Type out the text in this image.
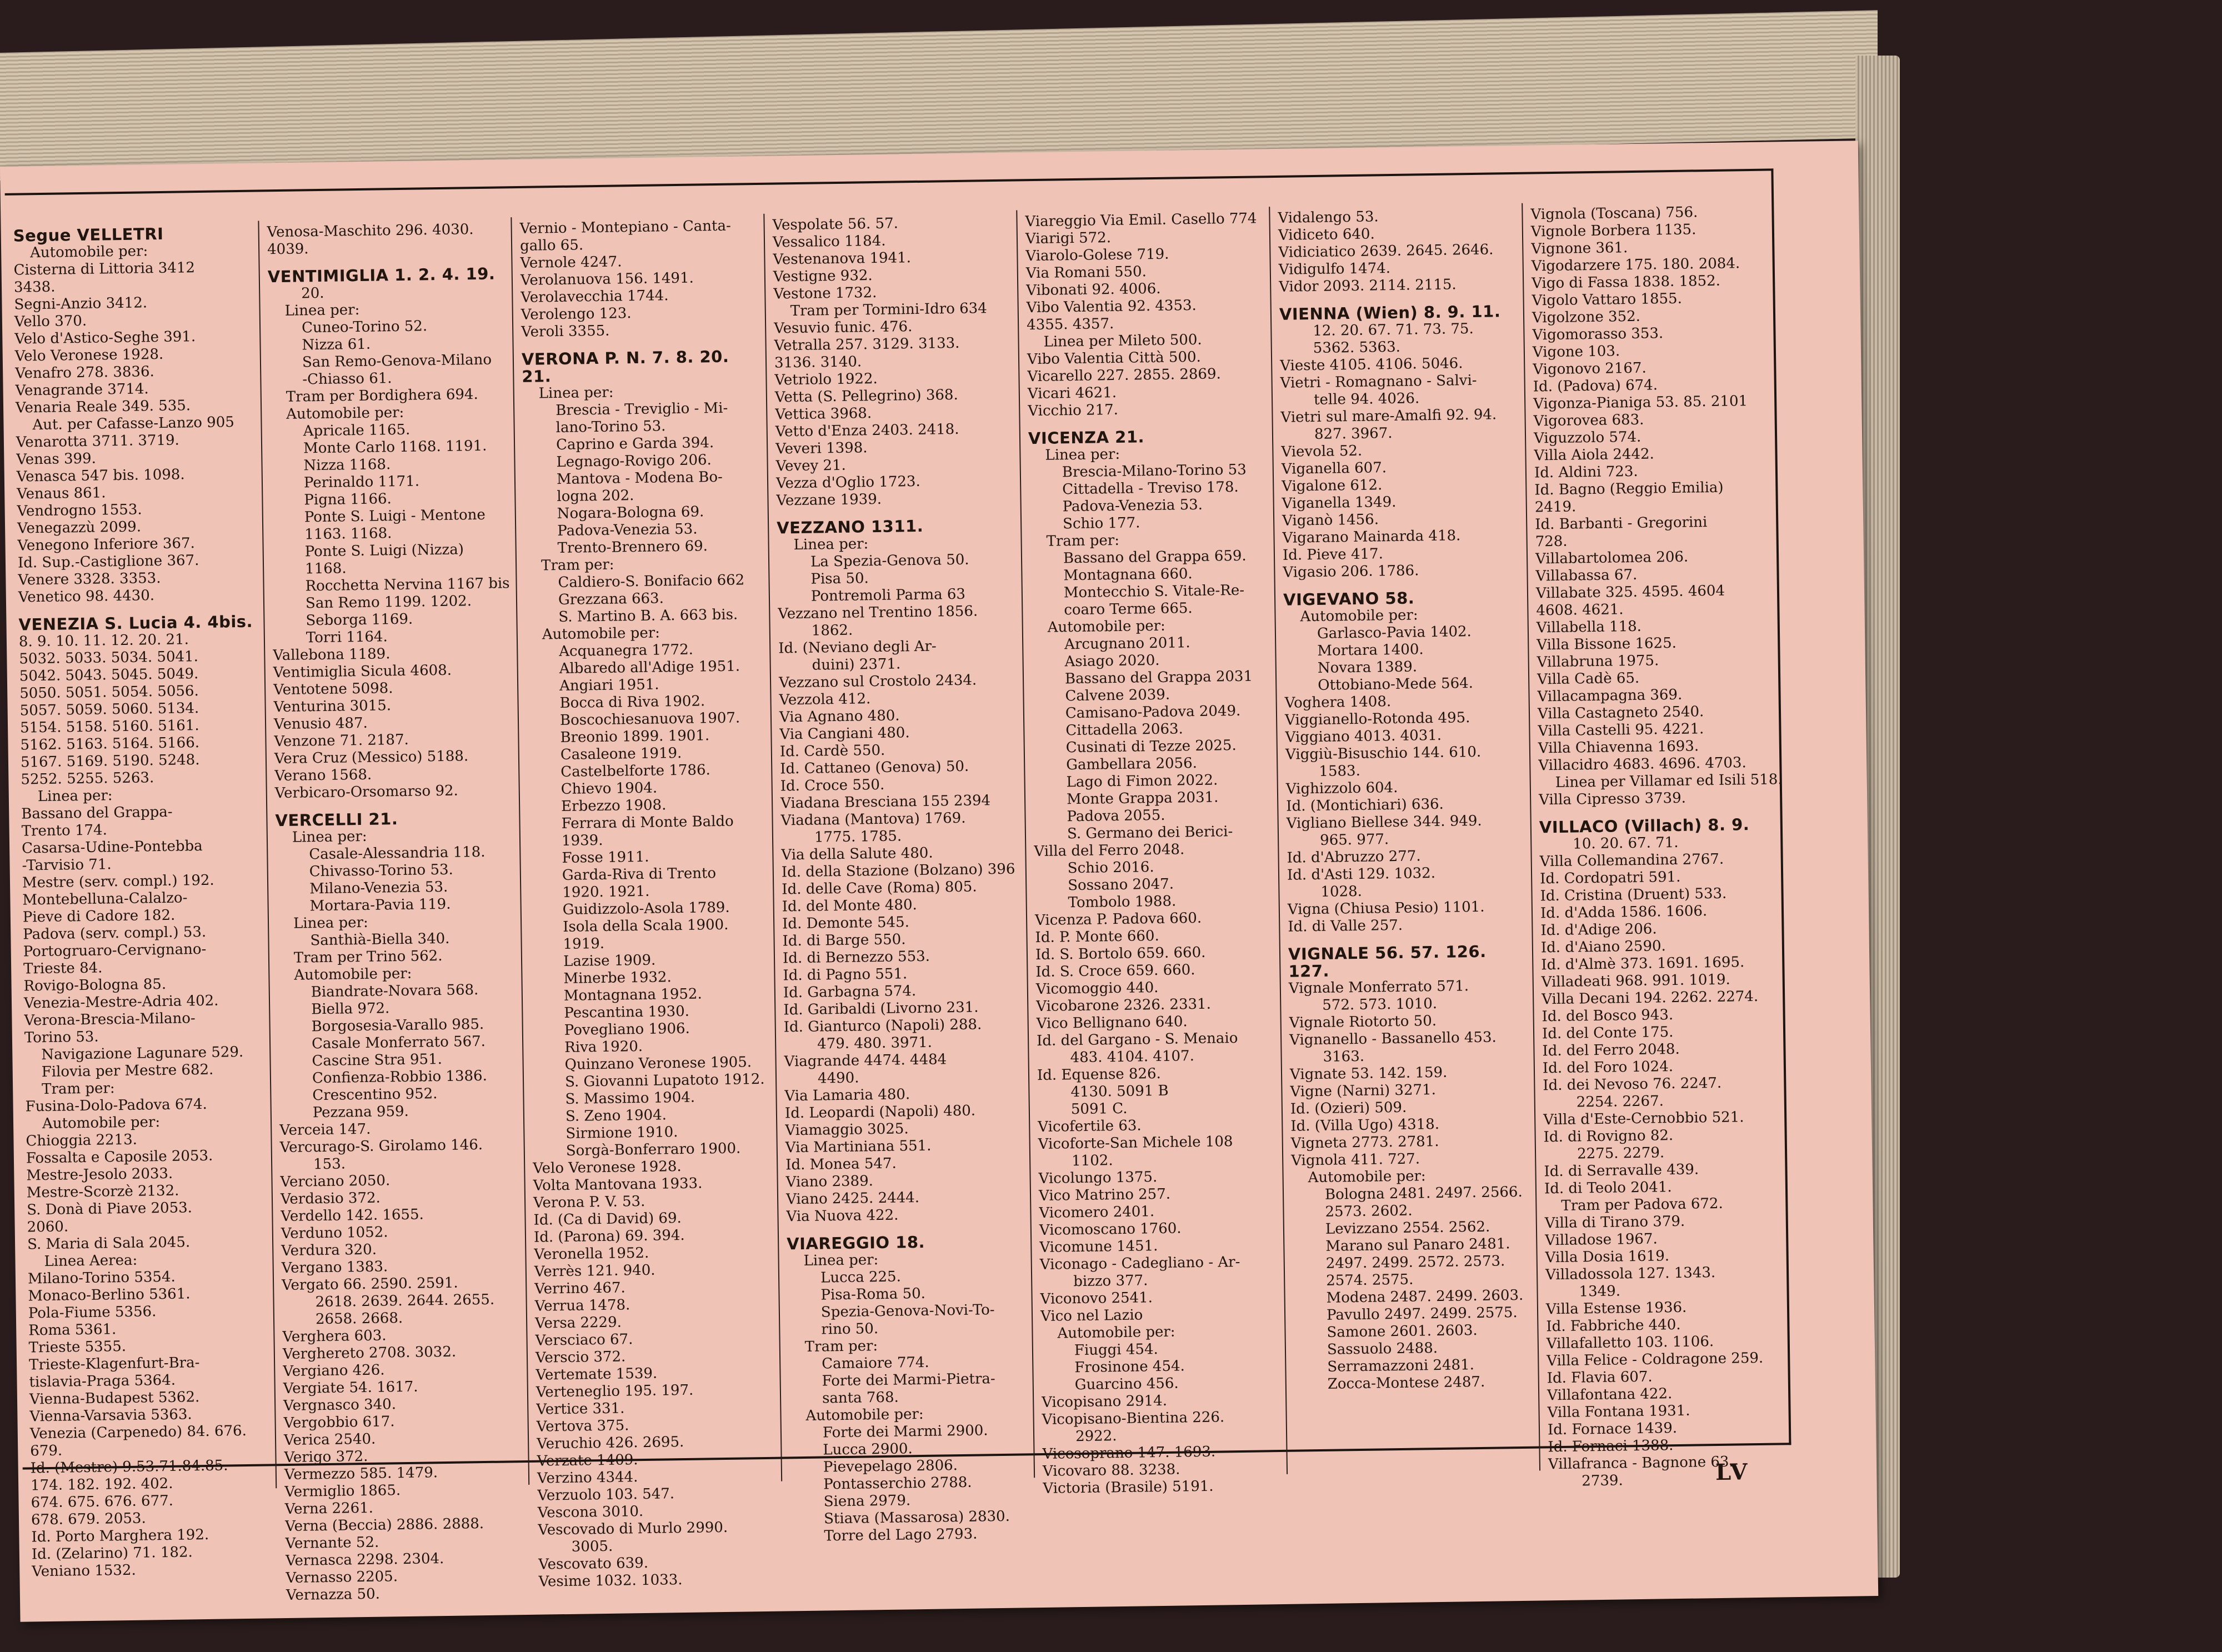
Segue VELLETRI
Automobile per:
Cisterna di Littoria 3412
3438.
Segni-Anzio 3412.
Vello 370.
Velo d'Astico-Seghe 391.
Velo Veronese 1928.
Venafro 278. 3836.
Venagrande 3714.
Venaria Reale 349. 535.
Aut. per Cafasse-Lanzo 905
Venarotta 3711. 3719.
Venas 399.
Venasca 547 bis. 1098.
Venaus 861.
Vendrogno 1553.
Venegazzù 2099.
Venegono Inferiore 367.
Id. Sup.-Castiglione 367.
Venere 3328. 3353.
Venetico 98. 4430.
VENEZIA S. Lucia 4. 4bis.
8. 9. 10. 11. 12. 20. 21.
5032. 5033. 5034. 5041.
5042. 5043. 5045. 5049.
5050. 5051. 5054. 5056.
5057. 5059. 5060. 5134.
5154. 5158. 5160. 5161.
5162. 5163. 5164. 5166.
5167. 5169. 5190. 5248.
5252. 5255. 5263.
Linea per:
Bassano del Grappa-
Trento 174.
Casarsa-Udine-Pontebba
-Tarvisio 71.
Mestre (serv. compl.) 192.
Montebelluna-Calalzo-
Pieve di Cadore 182.
Padova (serv. compl.) 53.
Portogruaro-Cervignano-
Trieste 84.
Rovigo-Bologna 85.
Venezia-Mestre-Adria 402.
Verona-Brescia-Milano-
Torino 53.
Navigazione Lagunare 529.
Filovia per Mestre 682.
Tram per:
Fusina-Dolo-Padova 674.
Automobile per:
Chioggia 2213.
Fossalta e Caposile 2053.
Mestre-Jesolo 2033.
Mestre-Scorzè 2132.
S. Donà di Piave 2053.
2060.
S. Maria di Sala 2045.
Linea Aerea:
Milano-Torino 5354.
Monaco-Berlino 5361.
Pola-Fiume 5356.
Roma 5361.
Trieste 5355.
Trieste-Klagenfurt-Bra-
tislavia-Praga 5364.
Vienna-Budapest 5362.
Vienna-Varsavia 5363.
Venezia (Carpenedo) 84. 676.
679.
Id. (Mestre) 9.53.71.84.85.
174. 182. 192. 402.
674. 675. 676. 677.
678. 679. 2053.
Id. Porto Marghera 192.
Id. (Zelarino) 71. 182.
Veniano 1532.
Venosa-Maschito 296. 4030.
4039.
VENTIMIGLIA 1. 2. 4. 19.
20.
Linea per:
Cuneo-Torino 52.
Nizza 61.
San Remo-Genova-Milano
-Chiasso 61.
Tram per Bordighera 694.
Automobile per:
Apricale 1165.
Monte Carlo 1168. 1191.
Nizza 1168.
Perinaldo 1171.
Pigna 1166.
Ponte S. Luigi - Mentone
1163. 1168.
Ponte S. Luigi (Nizza)
1168.
Rocchetta Nervina 1167 bis
San Remo 1199. 1202.
Seborga 1169.
Torri 1164.
Vallebona 1189.
Ventimiglia Sicula 4608.
Ventotene 5098.
Venturina 3015.
Venusio 487.
Venzone 71. 2187.
Vera Cruz (Messico) 5188.
Verano 1568.
Verbicaro-Orsomarso 92.
VERCELLI 21.
Linea per:
Casale-Alessandria 118.
Chivasso-Torino 53.
Milano-Venezia 53.
Mortara-Pavia 119.
Linea per:
Santhià-Biella 340.
Tram per Trino 562.
Automobile per:
Biandrate-Novara 568.
Biella 972.
Borgosesia-Varallo 985.
Casale Monferrato 567.
Cascine Stra 951.
Confienza-Robbio 1386.
Crescentino 952.
Pezzana 959.
Verceia 147.
Vercurago-S. Girolamo 146.
153.
Verciano 2050.
Verdasio 372.
Verdello 142. 1655.
Verduno 1052.
Verdura 320.
Vergano 1383.
Vergato 66. 2590. 2591.
2618. 2639. 2644. 2655.
2658. 2668.
Verghera 603.
Verghereto 2708. 3032.
Vergiano 426.
Vergiate 54. 1617.
Vergnasco 340.
Vergobbio 617.
Verica 2540.
Verigo 372.
Vermezzo 585. 1479.
Vermiglio 1865.
Verna 2261.
Verna (Beccia) 2886. 2888.
Vernante 52.
Vernasca 2298. 2304.
Vernasso 2205.
Vernazza 50.
Vernio - Montepiano - Canta-
gallo 65.
Vernole 4247.
Verolanuova 156. 1491.
Verolavecchia 1744.
Verolengo 123.
Veroli 3355.
VERONA P. N. 7. 8. 20. 21.
Linea per:
Brescia - Treviglio - Mi-
lano-Torino 53.
Caprino e Garda 394.
Legnago-Rovigo 206.
Mantova - Modena Bo-
logna 202.
Nogara-Bologna 69.
Padova-Venezia 53.
Trento-Brennero 69.
Tram per:
Caldiero-S. Bonifacio 662
Grezzana 663.
S. Martino B. A. 663 bis.
Automobile per:
Acquanegra 1772.
Albaredo all'Adige 1951.
Angiari 1951.
Bocca di Riva 1902.
Boscochiesanuova 1907.
Breonio 1899. 1901.
Casaleone 1919.
Castelbelforte 1786.
Chievo 1904.
Erbezzo 1908.
Ferrara di Monte Baldo
1939.
Fosse 1911.
Garda-Riva di Trento
1920. 1921.
Guidizzolo-Asola 1789.
Isola della Scala 1900.
1919.
Lazise 1909.
Minerbe 1932.
Montagnana 1952.
Pescantina 1930.
Povegliano 1906.
Riva 1920.
Quinzano Veronese 1905.
S. Giovanni Lupatoto 1912.
S. Massimo 1904.
S. Zeno 1904.
Sirmione 1910.
Sorgà-Bonferraro 1900.
Velo Veronese 1928.
Volta Mantovana 1933.
Verona P. V. 53.
Id. (Ca di David) 69.
Id. (Parona) 69. 394.
Veronella 1952.
Verrès 121. 940.
Verrino 467.
Verrua 1478.
Versa 2229.
Versciaco 67.
Verscio 372.
Vertemate 1539.
Verteneglio 195. 197.
Vertice 331.
Vertova 375.
Veruchio 426. 2695.
Verzate 1409.
Verzino 4344.
Verzuolo 103. 547.
Vescona 3010.
Vescovado di Murlo 2990.
3005.
Vescovato 639.
Vesime 1032. 1033.
Vespolate 56. 57.
Vessalico 1184.
Vestenanova 1941.
Vestigne 932.
Vestone 1732.
Tram per Tormini-Idro 634
Vesuvio funic. 476.
Vetralla 257. 3129. 3133.
3136. 3140.
Vetriolo 1922.
Vetta (S. Pellegrino) 368.
Vettica 3968.
Vetto d'Enza 2403. 2418.
Veveri 1398.
Vevey 21.
Vezza d'Oglio 1723.
Vezzane 1939.
VEZZANO 1311.
Linea per:
La Spezia-Genova 50.
Pisa 50.
Pontremoli Parma 63
Vezzano nel Trentino 1856.
1862.
Id. (Neviano degli Ar-
duini) 2371.
Vezzano sul Crostolo 2434.
Vezzola 412.
Via Agnano 480.
Via Cangiani 480.
Id. Cardè 550.
Id. Cattaneo (Genova) 50.
Id. Croce 550.
Viadana Bresciana 155 2394
Viadana (Mantova) 1769.
1775. 1785.
Via della Salute 480.
Id. della Stazione (Bolzano) 396
Id. delle Cave (Roma) 805.
Id. del Monte 480.
Id. Demonte 545.
Id. di Barge 550.
Id. di Bernezzo 553.
Id. di Pagno 551.
Id. Garbagna 574.
Id. Garibaldi (Livorno 231.
Id. Gianturco (Napoli) 288.
479. 480. 3971.
Viagrande 4474. 4484
4490.
Via Lamaria 480.
Id. Leopardi (Napoli) 480.
Viamaggio 3025.
Via Martiniana 551.
Id. Monea 547.
Viano 2389.
Viano 2425. 2444.
Via Nuova 422.
VIAREGGIO 18.
Linea per:
Lucca 225.
Pisa-Roma 50.
Spezia-Genova-Novi-To-
rino 50.
Tram per:
Camaiore 774.
Forte dei Marmi-Pietra-
santa 768.
Automobile per:
Forte dei Marmi 2900.
Lucca 2900.
Pievepelago 2806.
Pontasserchio 2788.
Siena 2979.
Stiava (Massarosa) 2830.
Torre del Lago 2793.
Viareggio Via Emil. Casello 774
Viarigi 572.
Viarolo-Golese 719.
Via Romani 550.
Vibonati 92. 4006.
Vibo Valentia 92. 4353.
4355. 4357.
Linea per Mileto 500.
Vibo Valentia Città 500.
Vicarello 227. 2855. 2869.
Vicari 4621.
Vicchio 217.
VICENZA 21.
Linea per:
Brescia-Milano-Torino 53
Cittadella - Treviso 178.
Padova-Venezia 53.
Schio 177.
Tram per:
Bassano del Grappa 659.
Montagnana 660.
Montecchio S. Vitale-Re-
coaro Terme 665.
Automobile per:
Arcugnano 2011.
Asiago 2020.
Bassano del Grappa 2031
Calvene 2039.
Camisano-Padova 2049.
Cittadella 2063.
Cusinati di Tezze 2025.
Gambellara 2056.
Lago di Fimon 2022.
Monte Grappa 2031.
Padova 2055.
S. Germano dei Berici-
Villa del Ferro 2048.
Schio 2016.
Sossano 2047.
Tombolo 1988.
Vicenza P. Padova 660.
Id. P. Monte 660.
Id. S. Bortolo 659. 660.
Id. S. Croce 659. 660.
Vicomoggio 440.
Vicobarone 2326. 2331.
Vico Bellignano 640.
Id. del Gargano - S. Menaio
483. 4104. 4107.
Id. Equense 826.
4130. 5091 B
5091 C.
Vicofertile 63.
Vicoforte-San Michele 108
1102.
Vicolungo 1375.
Vico Matrino 257.
Vicomero 2401.
Vicomoscano 1760.
Vicomune 1451.
Viconago - Cadegliano - Ar-
bizzo 377.
Viconovo 2541.
Vico nel Lazio
Automobile per:
Fiuggi 454.
Frosinone 454.
Guarcino 456.
Vicopisano 2914.
Vicopisano-Bientina 226.
2922.
Vicosoprano 147. 1693.
Vicovaro 88. 3238.
Victoria (Brasile) 5191.
Vidalengo 53.
Vidiceto 640.
Vidiciatico 2639. 2645. 2646.
Vidigulfo 1474.
Vidor 2093. 2114. 2115.
VIENNA (Wien) 8. 9. 11.
12. 20. 67. 71. 73. 75.
5362. 5363.
Vieste 4105. 4106. 5046.
Vietri - Romagnano - Salvi-
telle 94. 4026.
Vietri sul mare-Amalfi 92. 94.
827. 3967.
Vievola 52.
Viganella 607.
Vigalone 612.
Viganella 1349.
Viganò 1456.
Vigarano Mainarda 418.
Id. Pieve 417.
Vigasio 206. 1786.
VIGEVANO 58.
Automobile per:
Garlasco-Pavia 1402.
Mortara 1400.
Novara 1389.
Ottobiano-Mede 564.
Voghera 1408.
Viggianello-Rotonda 495.
Viggiano 4013. 4031.
Viggiù-Bisuschio 144. 610.
1583.
Vighizzolo 604.
Id. (Montichiari) 636.
Vigliano Biellese 344. 949.
965. 977.
Id. d'Abruzzo 277.
Id. d'Asti 129. 1032.
1028.
Vigna (Chiusa Pesio) 1101.
Id. di Valle 257.
VIGNALE 56. 57. 126. 127.
Vignale Monferrato 571.
572. 573. 1010.
Vignale Riotorto 50.
Vignanello - Bassanello 453.
3163.
Vignate 53. 142. 159.
Vigne (Narni) 3271.
Id. (Ozieri) 509.
Id. (Villa Ugo) 4318.
Vigneta 2773. 2781.
Vignola 411. 727.
Automobile per:
Bologna 2481. 2497. 2566.
2573. 2602.
Levizzano 2554. 2562.
Marano sul Panaro 2481.
2497. 2499. 2572. 2573.
2574. 2575.
Modena 2487. 2499. 2603.
Pavullo 2497. 2499. 2575.
Samone 2601. 2603.
Sassuolo 2488.
Serramazzoni 2481.
Zocca-Montese 2487.
Vignola (Toscana) 756.
Vignole Borbera 1135.
Vignone 361.
Vigodarzere 175. 180. 2084.
Vigo di Fassa 1838. 1852.
Vigolo Vattaro 1855.
Vigolzone 352.
Vigomorasso 353.
Vigone 103.
Vigonovo 2167.
Id. (Padova) 674.
Vigonza-Pianiga 53. 85. 2101
Vigorovea 683.
Viguzzolo 574.
Villa Aiola 2442.
Id. Aldini 723.
Id. Bagno (Reggio Emilia)
2419.
Id. Barbanti - Gregorini
728.
Villabartolomea 206.
Villabassa 67.
Villabate 325. 4595. 4604
4608. 4621.
Villabella 118.
Villa Bissone 1625.
Villabruna 1975.
Villa Cadè 65.
Villacampagna 369.
Villa Castagneto 2540.
Villa Castelli 95. 4221.
Villa Chiavenna 1693.
Villacidro 4683. 4696. 4703.
Linea per Villamar ed Isili 518.
Villa Cipresso 3739.
VILLACO (Villach) 8. 9.
10. 20. 67. 71.
Villa Collemandina 2767.
Id. Cordopatri 591.
Id. Cristina (Druent) 533.
Id. d'Adda 1586. 1606.
Id. d'Adige 206.
Id. d'Aiano 2590.
Id. d'Almè 373. 1691. 1695.
Villadeati 968. 991. 1019.
Villa Decani 194. 2262. 2274.
Id. del Bosco 943.
Id. del Conte 175.
Id. del Ferro 2048.
Id. del Foro 1024.
Id. dei Nevoso 76. 2247.
2254. 2267.
Villa d'Este-Cernobbio 521.
Id. di Rovigno 82.
2275. 2279.
Id. di Serravalle 439.
Id. di Teolo 2041.
Tram per Padova 672.
Villa di Tirano 379.
Villadose 1967.
Villa Dosia 1619.
Villadossola 127. 1343.
1349.
Villa Estense 1936.
Id. Fabbriche 440.
Villafalletto 103. 1106.
Villa Felice - Coldragone 259.
Id. Flavia 607.
Villafontana 422.
Villa Fontana 1931.
Id. Fornace 1439.
Id. Fornaci 1388.
Villafranca - Bagnone 63.
2739.	LV
